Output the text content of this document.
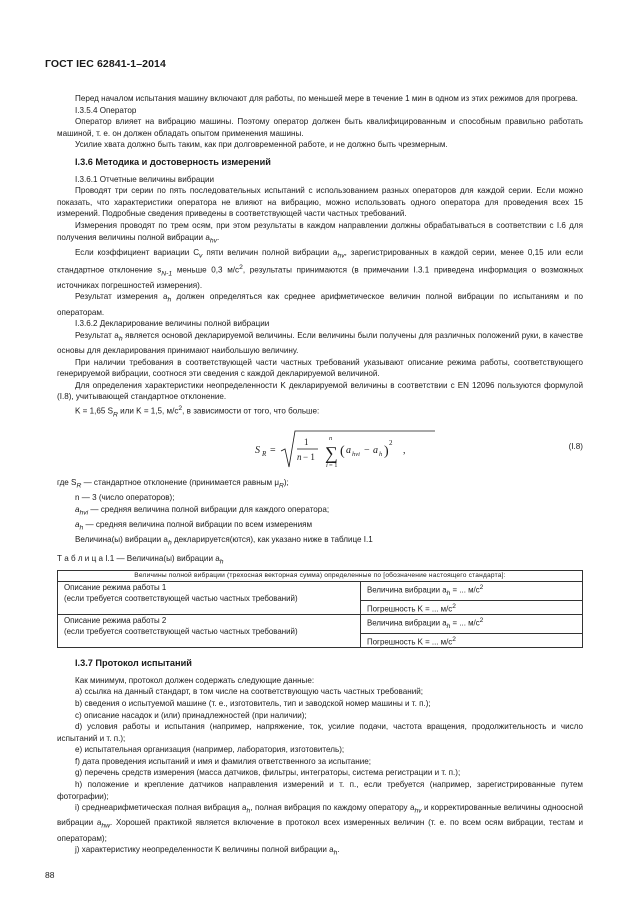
ГОСТ IEC 62841-1–2014

Перед началом испытания машину включают для работы, по меньшей мере в течение 1 мин в одном из этих режимов для прогрева.

I.3.5.4 Оператор

Оператор влияет на вибрацию машины. Поэтому оператор должен быть квалифицированным и способным правильно работать машиной, т. е. он должен обладать опытом применения машины.

Усилие хвата должно быть таким, как при долговременной работе, и не должно быть чрезмерным.

I.3.6 Методика и достоверность измерений

I.3.6.1 Отчетные величины вибрации

Проводят три серии по пять последовательных испытаний с использованием разных операторов для каждой серии. Если можно показать, что характеристики оператора не влияют на вибрацию, можно использовать одного оператора для проведения всех 15 измерений. Подробные сведения приведены в соответствующей части частных требований.

Измерения проводят по трем осям, при этом результаты в каждом направлении должны обрабатываться в соответствии с I.6 для получения величины полной вибрации $a_{hv}$.

Если коэффициент вариации $C_v$ пяти величин полной вибрации $a_{hv}$, зарегистрированных в каждой серии, менее 0,15 или если стандартное отклонение $s_{N-1}$ меньше 0,3 $м/с^2$, результаты принимаются (в примечании I.3.1 приведена информация о возможных источниках погрешностей измерения).

Результат измерения $a_h$ должен определяться как среднее арифметическое величин полной вибрации по испытаниям и по операторам.

I.3.6.2 Декларирование величины полной вибрации

Результат $a_h$ является основой декларируемой величины. Если величины были получены для различных положений руки, в качестве основы для декларирования принимают наибольшую величину.

При наличии требования в соответствующей части частных требований указывают описание режима работы, соответствующего генерируемой вибрации, соотнося эти сведения с каждой декларируемой величиной.

Для определения характеристики неопределенности K декларируемой величины в соответствии с EN 12096 пользуются формулой (I.8), учитывающей стандартное отклонение.

K = 1,65 $S_R$ или K = 1,5, $м/с^2$, в зависимости от того, что больше:

S R =
1
n − 1 ∑
n
i = 1
( a hvi − a h )
2
,	(I.8)

где $S_R$ — стандартное отклонение (принимается равным $\mu_R$);

n — 3 (число операторов);

$a_{hvi}$ — средняя величина полной вибрации для каждого оператора;

$a_h$ — средняя величина полной вибрации по всем измерениям

Величина(ы) вибрации $a_h$ декларируется(ются), как указано ниже в таблице I.1

Т а б л и ц а I.1 — Величина(ы) вибрации $a_h$

Величины полной вибрации (трехосная векторная сумма) определенные по [обозначение настоящего стандарта]:	

Описание режима работы 1
(если требуется соответствующей частью частных требований)	Величина вибрации $a_h$ = ... $м/с^2$
	Погрешность K = ... $м/с^2$

Описание режима работы 2
(если требуется соответствующей частью частных требований)	Величина вибрации $a_h$ = ... $м/с^2$
	Погрешность K = ... $м/с^2$

I.3.7 Протокол испытаний

Как минимум, протокол должен содержать следующие данные:

a) ссылка на данный стандарт, в том числе на соответствующую часть частных требований;

b) сведения о испытуемой машине (т. е., изготовитель, тип и заводской номер машины и т. п.);

c) описание насадок и (или) принадлежностей (при наличии);

d) условия работы и испытания (например, напряжение, ток, усилие подачи, частота вращения, продолжительность и число испытаний и т. п.);

e) испытательная организация (например, лаборатория, изготовитель);

f) дата проведения испытаний и имя и фамилия ответственного за испытание;

g) перечень средств измерения (масса датчиков, фильтры, интеграторы, система регистрации и т. п.);

h) положение и крепление датчиков направления измерений и т. п., если требуется (например, зарегистрированные путем фотографии);

i) среднеарифметическая полная вибрация $a_h$, полная вибрация по каждому оператору $a_{hv}$ и корректированные величины одноосной вибрации $a_{hw}$. Хорошей практикой является включение в протокол всех измеренных величин (т. е. по всем осям вибрации, тестам и операторам);

j) характеристику неопределенности K величины полной вибрации $a_h$.

88
